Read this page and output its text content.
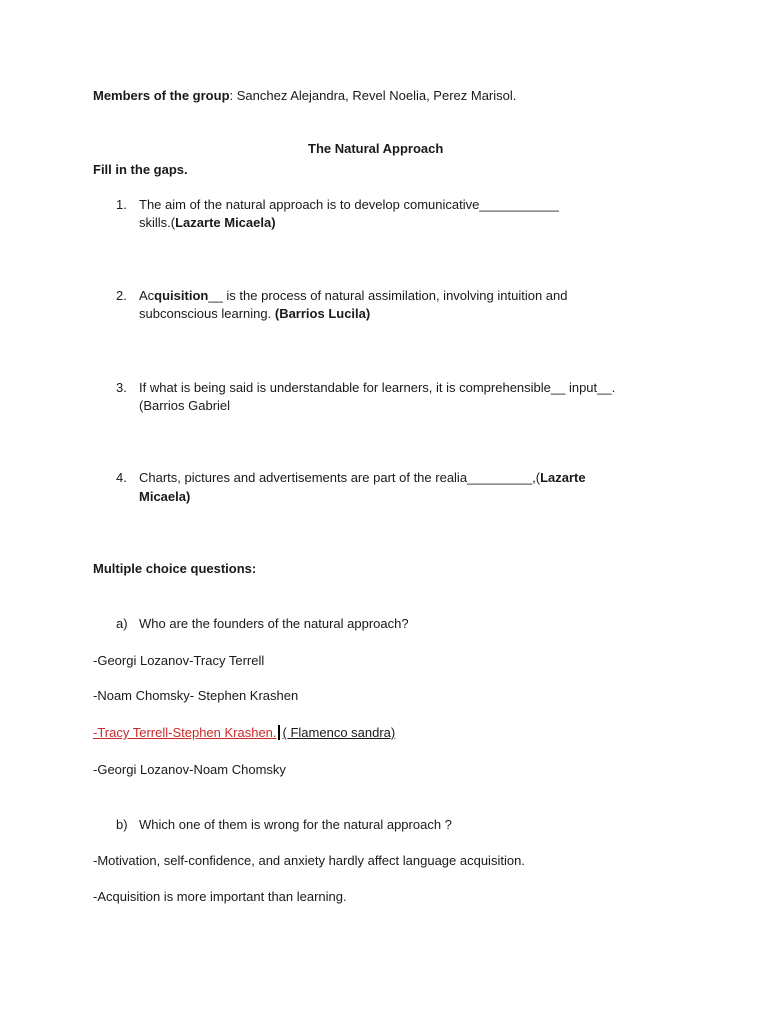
Members of the group: Sanchez Alejandra, Revel Noelia, Perez Marisol.
The Natural Approach
Fill in the gaps.
1. The aim of the natural approach is to develop comunicative___________
skills.(Lazarte Micaela)
2. Acquisition__ is the process of natural assimilation, involving intuition and
subconscious learning. (Barrios Lucila)
3. If what is being said is understandable for learners, it is comprehensible__ input__.
(Barrios Gabriel
4. Charts, pictures and advertisements are part of the realia_________,(Lazarte
Micaela)
Multiple choice questions:
a) Who are the founders of the natural approach?
-Georgi Lozanov-Tracy Terrell
-Noam Chomsky- Stephen Krashen
-Tracy Terrell-Stephen Krashen. ( Flamenco sandra)
-Georgi Lozanov-Noam Chomsky
b) Which one of them is wrong for the natural approach ?
-Motivation, self-confidence, and anxiety hardly affect language acquisition.
-Acquisition is more important than learning.
